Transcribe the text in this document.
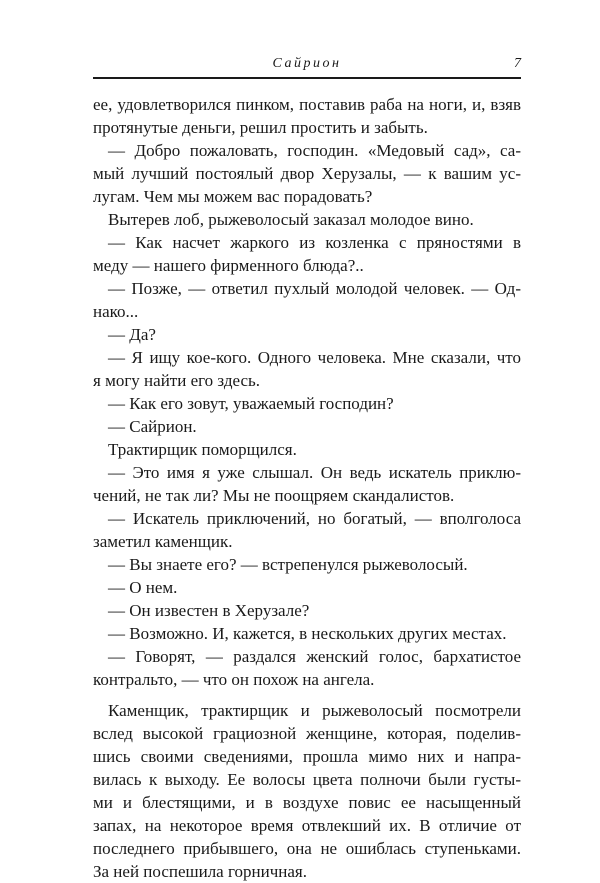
Сайрион	7
ее, удовлетворился пинком, поставив раба на ноги, и, взяв
протянутые деньги, решил простить и забыть.
— Добро пожаловать, господин. «Медовый сад», са-
мый лучший постоялый двор Херузалы, — к вашим ус-
лугам. Чем мы можем вас порадовать?
Вытерев лоб, рыжеволосый заказал молодое вино.
— Как насчет жаркого из козленка с пряностями в
меду — нашего фирменного блюда?..
— Позже, — ответил пухлый молодой человек. — Од-
нако...
— Да?
— Я ищу кое-кого. Одного человека. Мне сказали, что
я могу найти его здесь.
— Как его зовут, уважаемый господин?
— Сайрион.
Трактирщик поморщился.
— Это имя я уже слышал. Он ведь искатель приклю-
чений, не так ли? Мы не поощряем скандалистов.
— Искатель приключений, но богатый, — вполголоса
заметил каменщик.
— Вы знаете его? — встрепенулся рыжеволосый.
— О нем.
— Он известен в Херузале?
— Возможно. И, кажется, в нескольких других местах.
— Говорят, — раздался женский голос, бархатистое
контральто, — что он похож на ангела.
Каменщик, трактирщик и рыжеволосый посмотрели
вслед высокой грациозной женщине, которая, поделив-
шись своими сведениями, прошла мимо них и напра-
вилась к выходу. Ее волосы цвета полночи были густы-
ми и блестящими, и в воздухе повис ее насыщенный
запах, на некоторое время отвлекший их. В отличие от
последнего прибывшего, она не ошиблась ступеньками.
За ней поспешила горничная.
